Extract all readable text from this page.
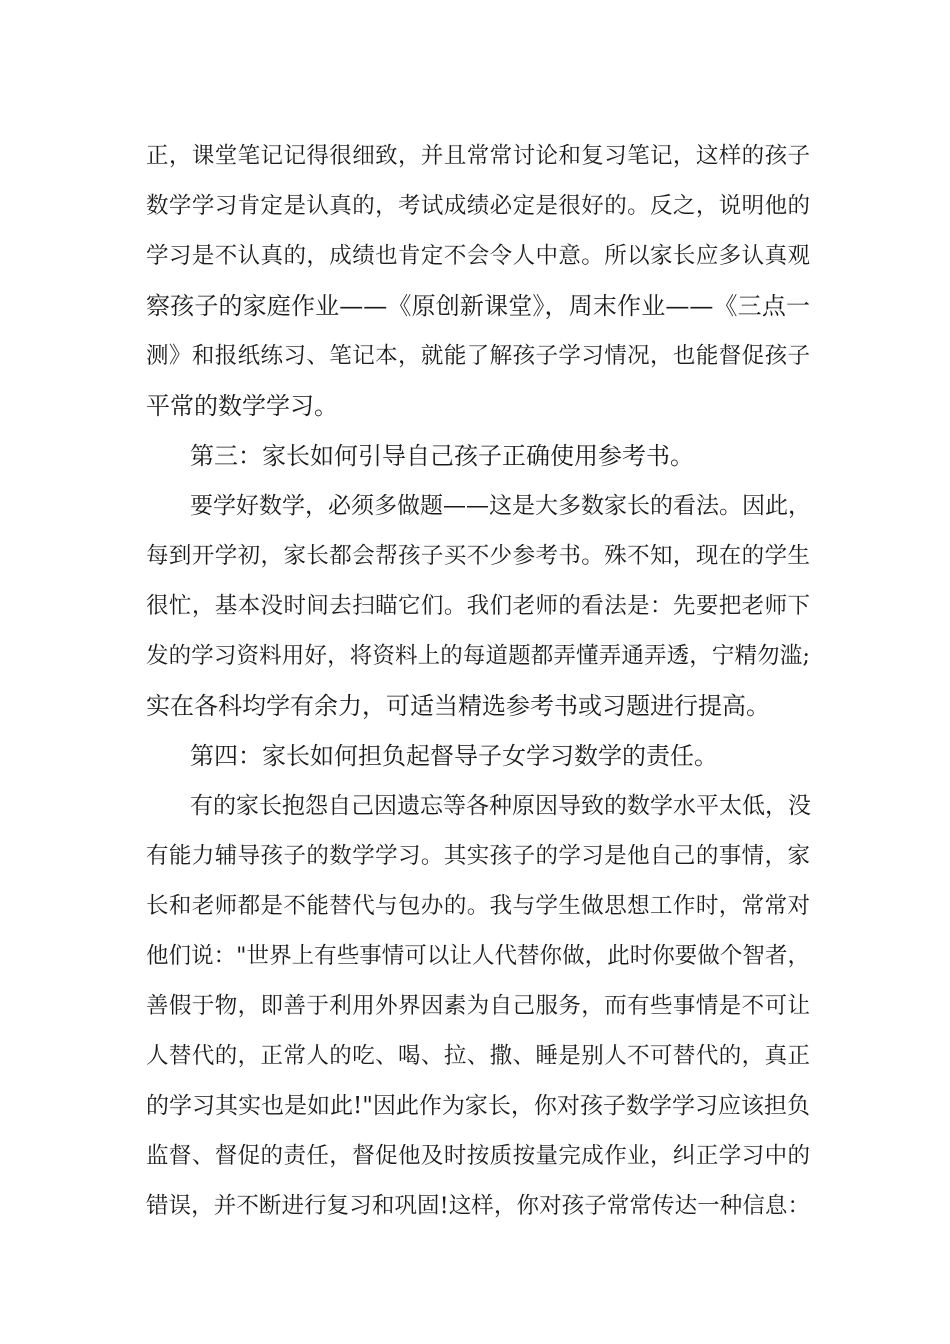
正，课堂笔记记得很细致，并且常常讨论和复习笔记，这样的孩子
数学学习肯定是认真的，考试成绩必定是很好的。反之，说明他的
学习是不认真的，成绩也肯定不会令人中意。所以家长应多认真观
察孩子的家庭作业——《原创新课堂》，周末作业——《三点一
测》和报纸练习、笔记本，就能了解孩子学习情况，也能督促孩子
平常的数学学习。
第三：家长如何引导自己孩子正确使用参考书。
要学好数学，必须多做题——这是大多数家长的看法。因此，
每到开学初，家长都会帮孩子买不少参考书。殊不知，现在的学生
很忙，基本没时间去扫瞄它们。我们老师的看法是：先要把老师下
发的学习资料用好，将资料上的每道题都弄懂弄通弄透，宁精勿滥;
实在各科均学有余力，可适当精选参考书或习题进行提高。
第四：家长如何担负起督导子女学习数学的责任。
有的家长抱怨自己因遗忘等各种原因导致的数学水平太低，没
有能力辅导孩子的数学学习。其实孩子的学习是他自己的事情，家
长和老师都是不能替代与包办的。我与学生做思想工作时，常常对
他们说："世界上有些事情可以让人代替你做，此时你要做个智者，
善假于物，即善于利用外界因素为自己服务，而有些事情是不可让
人替代的，正常人的吃、喝、拉、撒、睡是别人不可替代的，真正
的学习其实也是如此!"因此作为家长，你对孩子数学学习应该担负
监督、督促的责任，督促他及时按质按量完成作业，纠正学习中的
错误，并不断进行复习和巩固!这样，你对孩子常常传达一种信息：
